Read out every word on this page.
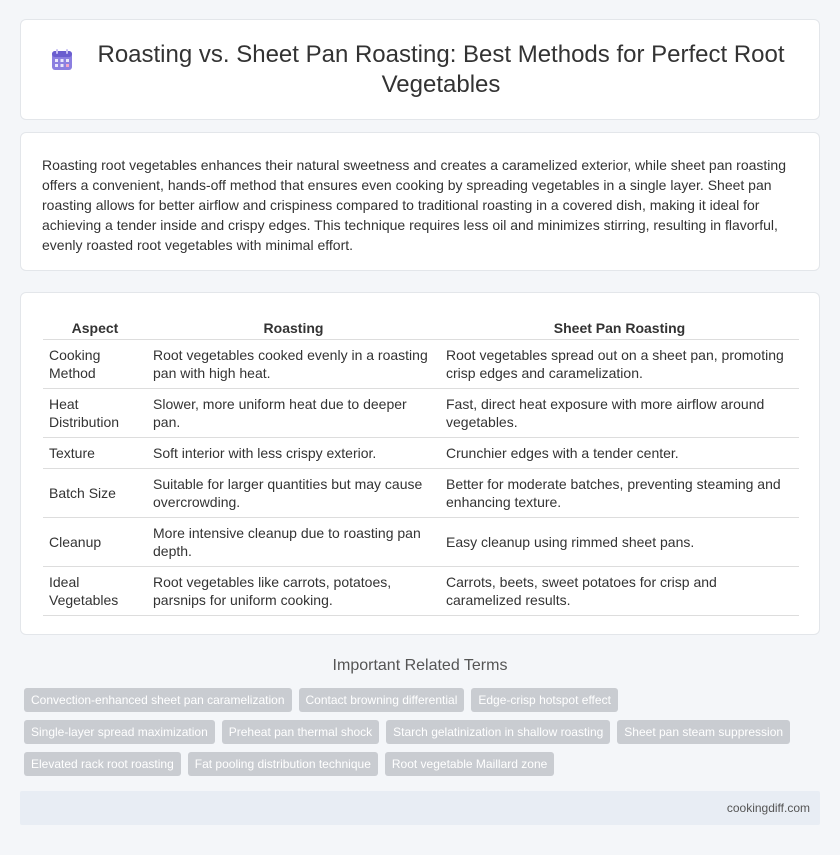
Roasting vs. Sheet Pan Roasting: Best Methods for Perfect Root Vegetables

Roasting root vegetables enhances their natural sweetness and creates a caramelized exterior, while sheet pan roasting offers a convenient, hands-off method that ensures even cooking by spreading vegetables in a single layer. Sheet pan roasting allows for better airflow and crispiness compared to traditional roasting in a covered dish, making it ideal for achieving a tender inside and crispy edges. This technique requires less oil and minimizes stirring, resulting in flavorful, evenly roasted root vegetables with minimal effort.

Aspect	Roasting	Sheet Pan Roasting
Cooking Method	Root vegetables cooked evenly in a roasting pan with high heat.	Root vegetables spread out on a sheet pan, promoting crisp edges and caramelization.
Heat Distribution	Slower, more uniform heat due to deeper pan.	Fast, direct heat exposure with more airflow around vegetables.
Texture	Soft interior with less crispy exterior.	Crunchier edges with a tender center.
Batch Size	Suitable for larger quantities but may cause overcrowding.	Better for moderate batches, preventing steaming and enhancing texture.
Cleanup	More intensive cleanup due to roasting pan depth.	Easy cleanup using rimmed sheet pans.
Ideal Vegetables	Root vegetables like carrots, potatoes, parsnips for uniform cooking.	Carrots, beets, sweet potatoes for crisp and caramelized results.
Important Related Terms
Convection-enhanced sheet pan caramelization	Contact browning differential	Edge-crisp hotspot effect
Single-layer spread maximization	Preheat pan thermal shock	Starch gelatinization in shallow roasting	Sheet pan steam suppression
Elevated rack root roasting	Fat pooling distribution technique	Root vegetable Maillard zone
cookingdiff.com
